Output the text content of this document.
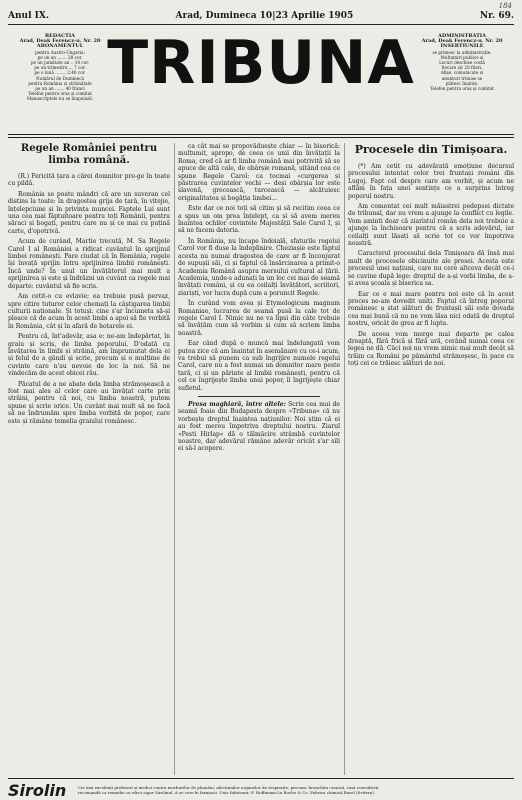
184
Anul IX.	Arad, Dumineca 10|23 Aprilie 1905	Nr. 69.
REDACTIA
Arad, Deak Ferencz-u. Nr. 20
ABONAMENTUL
pentru Austro-Ungaria:
pe un an ....... 28 cor.
pe un jumătate an .. 14 cor.
pe un trimestru ... 7 cor.
pe o lună ........ 2.40 cor.
Numărul de Duminecă
pentru România și străinătate
pe un an ....... 40 franci
Telefon pentru oraș și comitat
Manuscriptele nu se înapoiază.
TRIBUNA	ADMINISTRATIA
Arad, Deak Ferencz-u. Nr. 20
INSERTIUNILE
se primesc la administrație.
Mulțumiri publice și
Locuri deschise costă
fiecare șir 20 fileri.
Afișe, comunicate și
anunțuri trimise se
plătesc înainte.
Telefon pentru oraș și comitat
Regele României pentru limba română.

(R.) Fericită țara a cărei domnitor pre-ge în toate cu pildă.

România se poate mândri că are un suveran cel distins la toate: în dragostea grija de țară, în vitejie, înțelepciune și în privința muncei. Faptele Lui sunt una cea mai făptuitoare pentru toți Românii, pentru săraci și bogați, pentru care nu și ce mai cu puțină carte, d'opotrivă.

Acum de curând, Martie trecută, M. Sa Regele Carol I al României a ridicat cuvântul în sprijinul limbei românești. Pare ciudat că în România, regele își învață sprijin întru sprijinirea limbii românești. Încă unde? În unul un învățătorul mai mult a sprijinirea și este și îndrăzni un cuvânt ca regele mai departe: cuvântul să fie scris.

Am cetit-o cu evlavie; ea trebuie pusă pervaz, spre citire tuturor celor chemați la câștigarea limbii culturii naționale. Și totuși: cine s'ar încumeta să-și pleace că de acum în acest limbi a apoi să fie vorbită în România, cât și în afară de hotarele ei.

Pentru că, înt'adevăr, asa e: ne-am îndepărtat, în graiu și scris, de limba poporului. D'odată cu învățarea în limbi și străină, am împrumutat dela ei și felul de a gândi și scrie, precum și o mulțime de cuvinte care n'au nevoie de loc la noi. Să ne vindecăm de acest obicei rău.

Păcatul de a ne abate dela limba strămoșească a fost mai ales al celor care au învățat carte prin străini, pentru că noi, cu limba noastră, putem spune și scrie orice. Un cuvânt mai mult să ne facă să ne îndrumăm spre limba vorbită de popor, care este și rămâne temelia graiului românesc.

ca cât mai se propovăduește chiar — în biserică: mulțumit, apropo, de ceea ce unii din învățații la Roma, cred că ar fi limba română mai potrivită să se apuce de altă cale, de obârșie romană, uitând cea ce spune Regele Carol: ca tocmai »curgerea și păstrarea cuvintelor vechi — deși obârșia lor este slavonă, grecească, turcească — alcătuiesc originalitatea și bogăția limbei...

Este dar ce noi toți să citim și să recitim ceea ce a spus un om prea înțelept, ca și să avem mereu înaintea ochilor cuvintele Majestății Sale Carol I, și să ne facem datoria.

În România, nu încape îndoială, sfaturile regelui Carol vor fi duse la îndeplinire. Cheziașie este faptul acesta nu numai dragostea de care ar fi înconjurat de supușii săi, ci și faptul că însărcinarea a primit-o Academia Română asupra mersului cultural al țării. Academia, unde-s adunați la un loc cei mai de seamă învățați români, și cu ea ceilalți învățători, scriitori, ziariști, vor lucra după cum a poruncit Regele.

În curând vom avea și Etymologicum magnum Romaniae, lucrarea de seamă pusă la cale tot de regele Carol I. Nimic nu ne va lipsi din câte trebuie să învățăm cum să vorbim și cum să scriem limba noastră.

Ear când după o muncă mai îndelungată vom putea zice că am înaintat în asemănare cu ce-i acum, va trebui să punem ca sub îngrijire numele regelui Carol, care nu a fost numai un domnitor mare peste țară, ci și un părinte al limbii românești, pentru că cel ce îngrijește limba unui popor, îi îngrijește chiar sufletul.

Presa maghiară, între altele: Scrie cea mai de seamă foaie din Budapesta despre »Tribuna« că nu vorbește dreptul înaintea națiunilor. Noi știm că ei au fost mereu împotriva dreptului nostru. Ziarul »Pesti Hirlap« dă o tălmăcire strâmbă cuvintelor noastre, dar adevărul rămâne adevăr oricât s'ar sili ei să-l acopere.

Procesele din Timișoara.

(*) Am cetit cu adevărată emoțiune decursul procesului intentat celor trei fruntași români din Lugoj. Fapt cel despre care am vorbit, și acum ne aflăm în fața unei sentințe ce a surprins întreg poporul nostru.

Am comentat cei mult măiastrei pedepsei dictate de tribunal, dar nu vrem a ajunge la conflict cu legile. Vom aminti doar că ziaristul român dela noi trebuie a ajunge la închisoare pentru că a scris adevărul, iar ceilalți sunt lăsați să scrie tot ce vor împotriva noastră.

Caracterul procesului dela Timișoara dă însă mai mult de procesele obicinuite ale presei. Acesta este procesul unei națiuni, care nu cere altceva decât ce-i se cuvine după lege: dreptul de a-și vorbi limba, de a-și avea școala și biserica sa.

Ear ce e mai mare pentru noi este că în acest proces ne-am dovedit uniți. Faptul că întreg poporul românesc a stat alături de fruntașii săi este dovada cea mai bună că nu ne vom lăsa nici odată de dreptul nostru, oricât de grea ar fi lupta.

De aceea vom merge mai departe pe calea dreaptă, fără frică și fără ură, cerând numai ceea ce legea ne dă. Căci noi nu vrem nimic mai mult decât să trăim ca Români pe pământul strămoșesc, în pace cu toți cei ce trăiesc alături de noi.

Sirolin	Cei mai excelenți profesori și medici contra morburilor de plumâni, afecțiunilor organelor de respirație, precum: bronchita cronică, tusă convulsivă,
recomandă ca remediu cu efect sigur Sirolinul. A se cere în farmacii. Unic fabricant: F. Hoffmann-La Roche & Co. Fabrica chimică Basel (Sviterа).
